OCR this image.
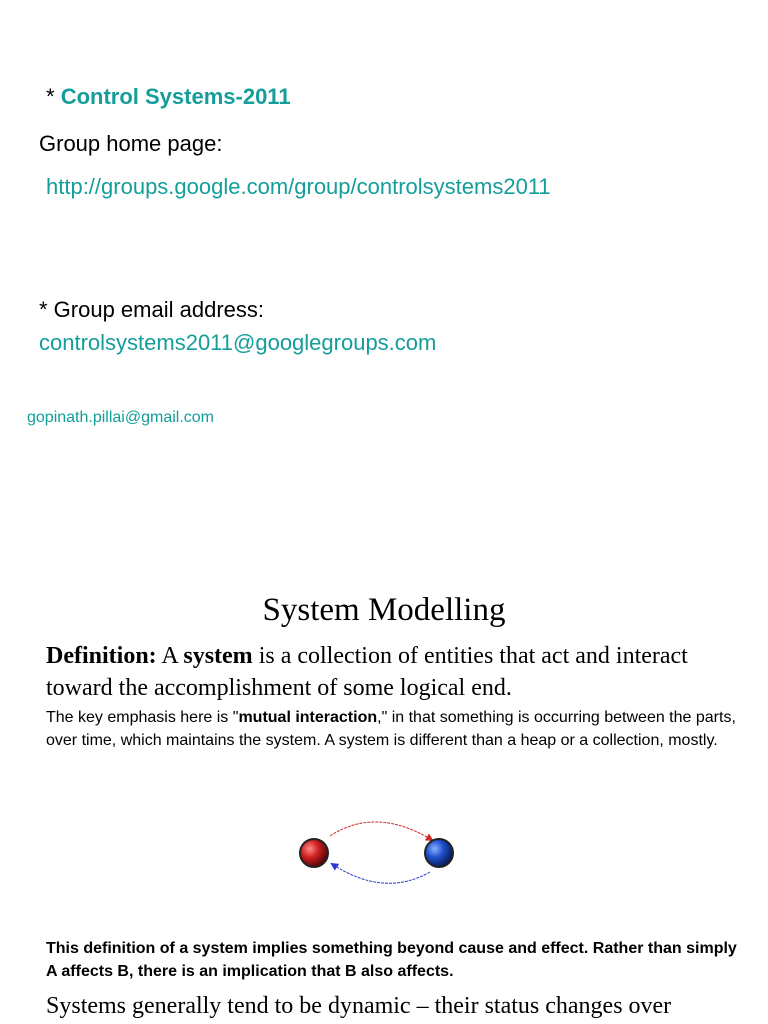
* Control Systems-2011
Group home page:
http://groups.google.com/group/controlsystems2011
* Group email address:
controlsystems2011@googlegroups.com
gopinath.pillai@gmail.com
System Modelling
Definition: A system is a collection of entities that act and interact toward the accomplishment of some logical end.
The key emphasis here is "mutual interaction," in that something is occurring between the parts, over time, which maintains the system. A system is different than a heap or a collection, mostly.
This definition of a system implies something beyond cause and effect. Rather than simply A affects B, there is an implication that B also affects.
Systems generally tend to be dynamic – their status changes over
